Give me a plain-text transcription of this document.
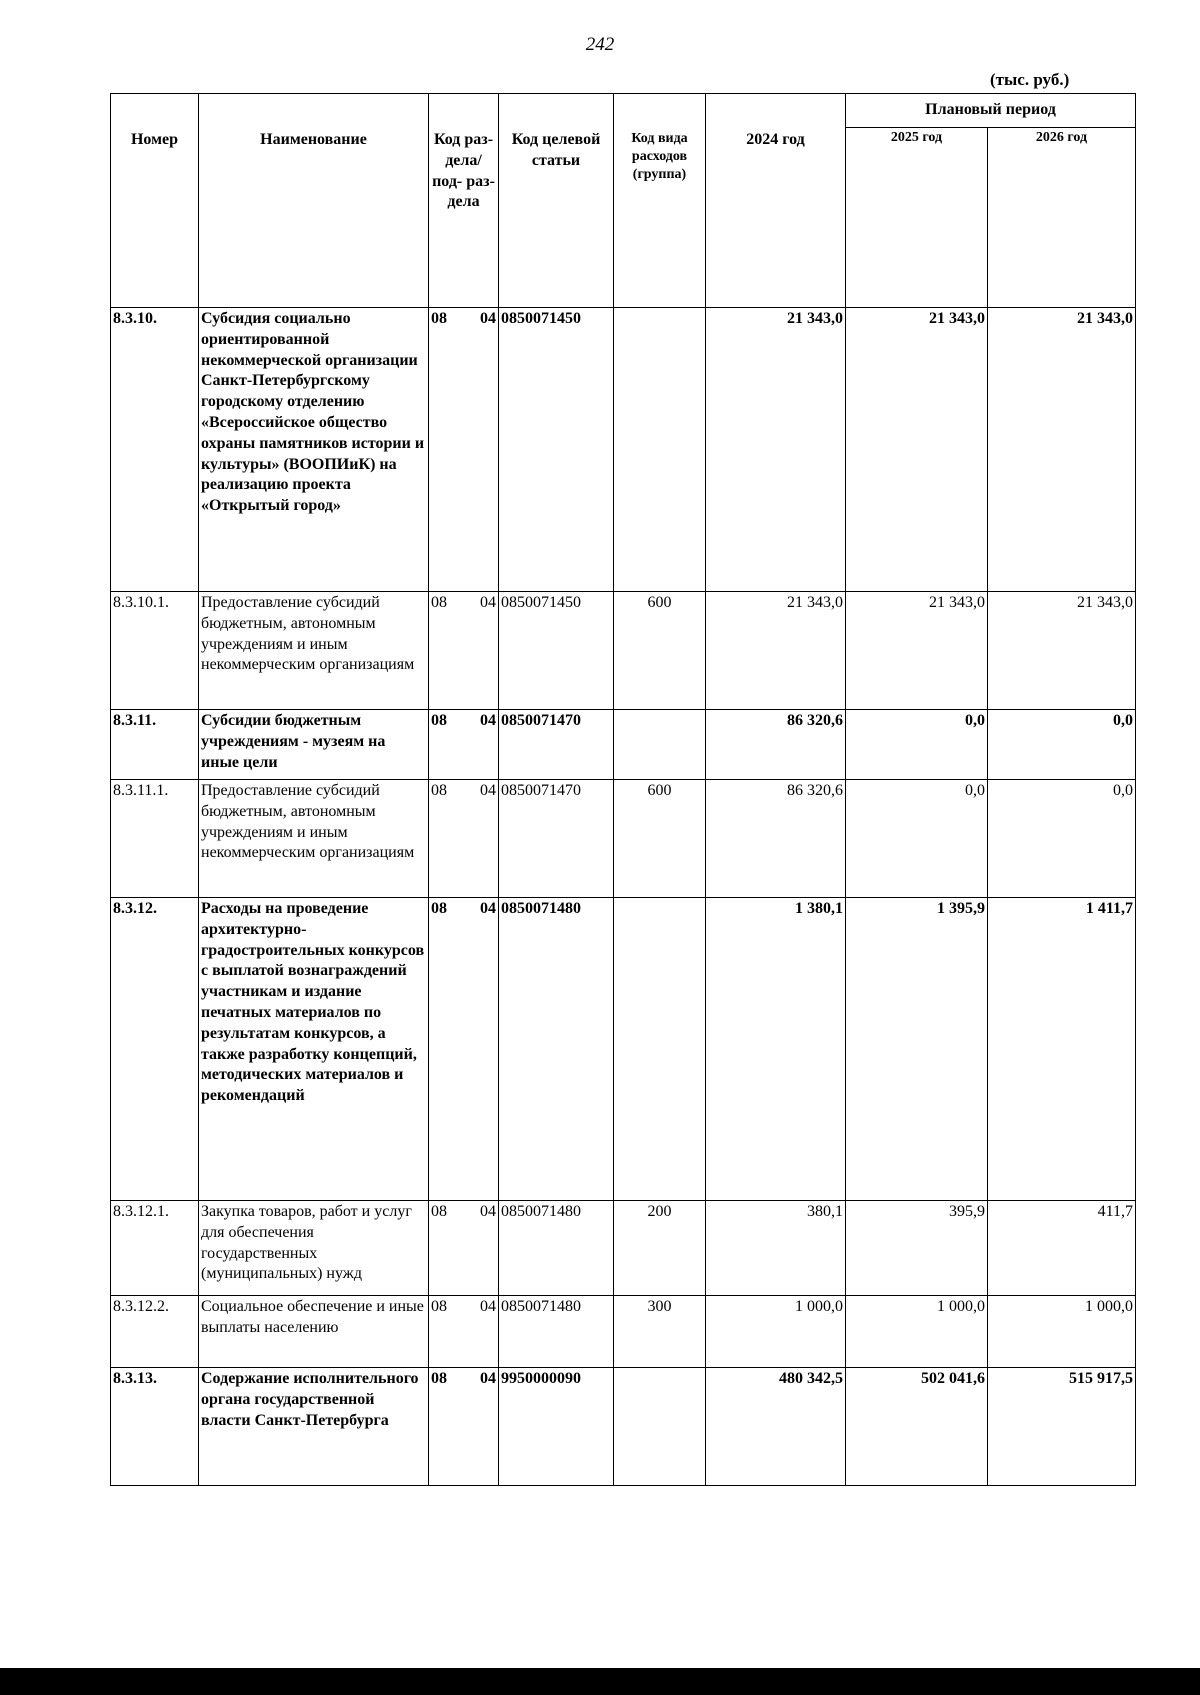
242
(тыс. руб.)
Номер	Наименование	Код раз- дела/ под- раз- дела	Код целевой статьи	Код вида расходов (группа)	2024 год	Плановый период	
						2025 год	2026 год
8.3.10.	Субсидия социально ориентированной некоммерческой организации Санкт-Петербургскому городскому отделению «Всероссийское общество охраны памятников истории и культуры» (ВООПИиК) на реализацию проекта «Открытый город»	08 04	0850071450		21 343,0	21 343,0	21 343,0
8.3.10.1.	Предоставление субсидий бюджетным, автономным учреждениям и иным некоммерческим организациям	08 04	0850071450	600	21 343,0	21 343,0	21 343,0
8.3.11.	Субсидии бюджетным учреждениям - музеям на иные цели	08 04	0850071470		86 320,6	0,0	0,0
8.3.11.1.	Предоставление субсидий бюджетным, автономным учреждениям и иным некоммерческим организациям	08 04	0850071470	600	86 320,6	0,0	0,0
8.3.12.	Расходы на проведение архитектурно-градостроительных конкурсов с выплатой вознаграждений участникам и издание печатных материалов по результатам конкурсов, а также разработку концепций, методических материалов и рекомендаций	08 04	0850071480		1 380,1	1 395,9	1 411,7
8.3.12.1.	Закупка товаров, работ и услуг для обеспечения государственных (муниципальных) нужд	08 04	0850071480	200	380,1	395,9	411,7
8.3.12.2.	Социальное обеспечение и иные выплаты населению	08 04	0850071480	300	1 000,0	1 000,0	1 000,0
8.3.13.	Содержание исполнительного органа государственной власти Санкт-Петербурга	08 04	9950000090		480 342,5	502 041,6	515 917,5
